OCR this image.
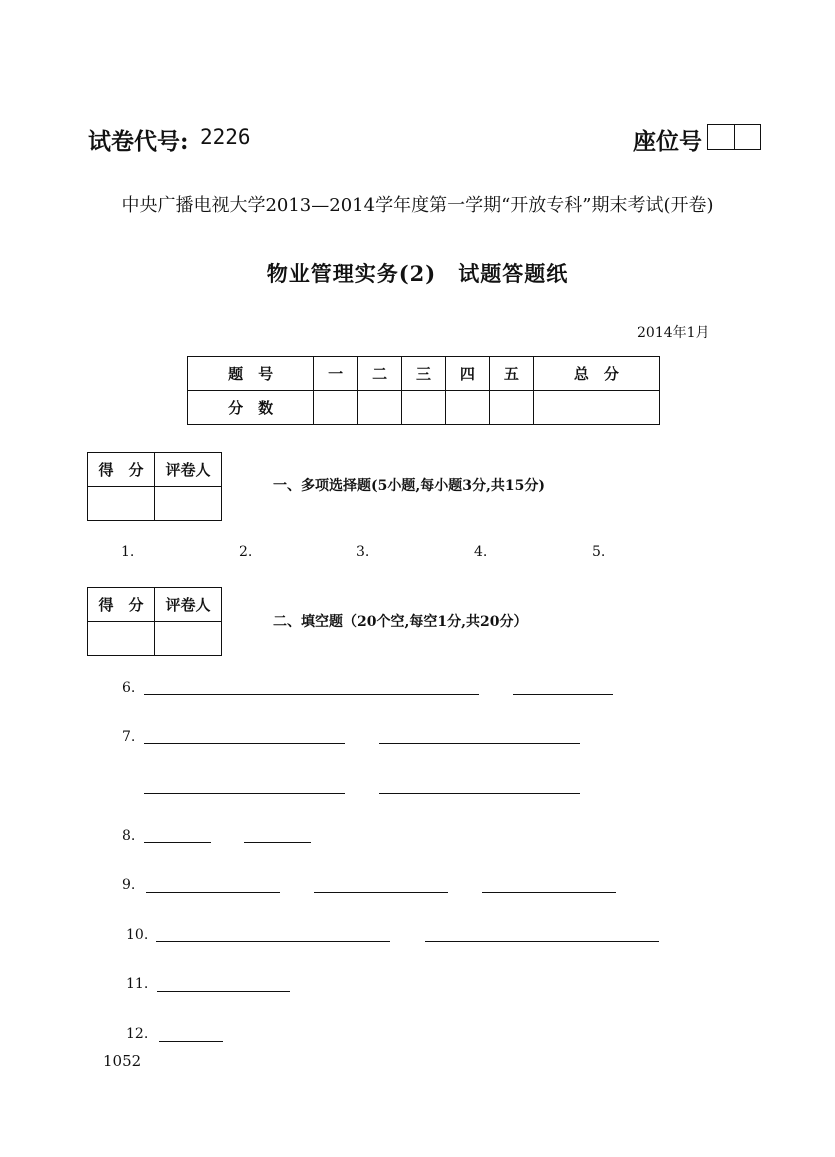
试卷代号: 2226	座位号
中央广播电视大学2013—2014学年度第一学期“开放专科”期末考试(开卷)
物业管理实务(2)　试题答题纸
2014年1月
题　号	一	二	三	四	五	总　分
分　数						
得　分	评卷人

一、多项选择题(5小题,每小题3分,共15分)
1.	2.	3.	4.	5.
得　分	评卷人

二、填空题（20个空,每空1分,共20分）
6.
7.
8.
9.
10.
11.
12.
1052
